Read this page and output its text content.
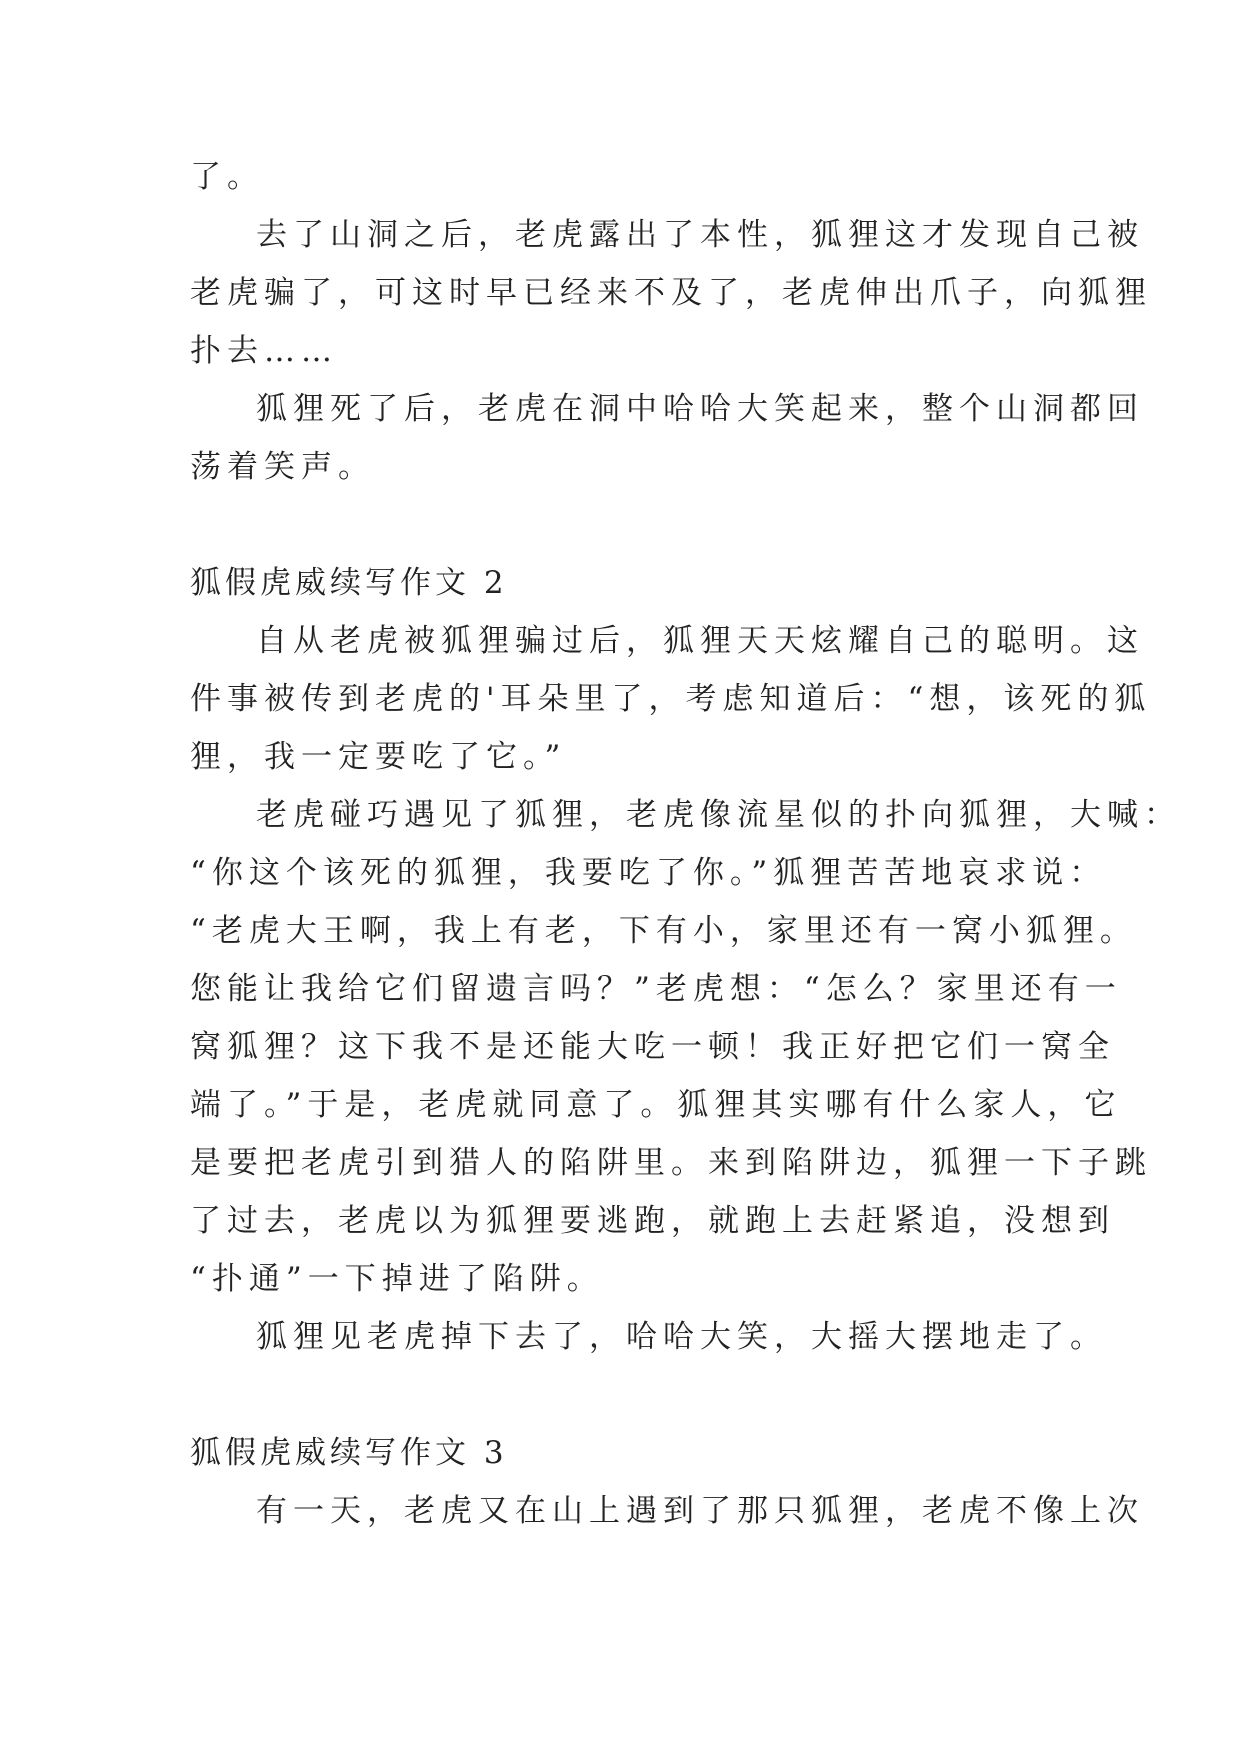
了。
去了山洞之后，老虎露出了本性，狐狸这才发现自己被
老虎骗了，可这时早已经来不及了，老虎伸出爪子，向狐狸
扑去……
狐狸死了后，老虎在洞中哈哈大笑起来，整个山洞都回
荡着笑声。
狐假虎威续写作文 2
自从老虎被狐狸骗过后，狐狸天天炫耀自己的聪明。这
件事被传到老虎的'耳朵里了，考虑知道后：“想，该死的狐
狸，我一定要吃了它。”
老虎碰巧遇见了狐狸，老虎像流星似的扑向狐狸，大喊：
“你这个该死的狐狸，我要吃了你。”狐狸苦苦地哀求说：
“老虎大王啊，我上有老，下有小，家里还有一窝小狐狸。
您能让我给它们留遗言吗？”老虎想：“怎么？家里还有一
窝狐狸？这下我不是还能大吃一顿！我正好把它们一窝全
端了。”于是，老虎就同意了。狐狸其实哪有什么家人，它
是要把老虎引到猎人的陷阱里。来到陷阱边，狐狸一下子跳
了过去，老虎以为狐狸要逃跑，就跑上去赶紧追，没想到
“扑通”一下掉进了陷阱。
狐狸见老虎掉下去了，哈哈大笑，大摇大摆地走了。
狐假虎威续写作文 3
有一天，老虎又在山上遇到了那只狐狸，老虎不像上次
